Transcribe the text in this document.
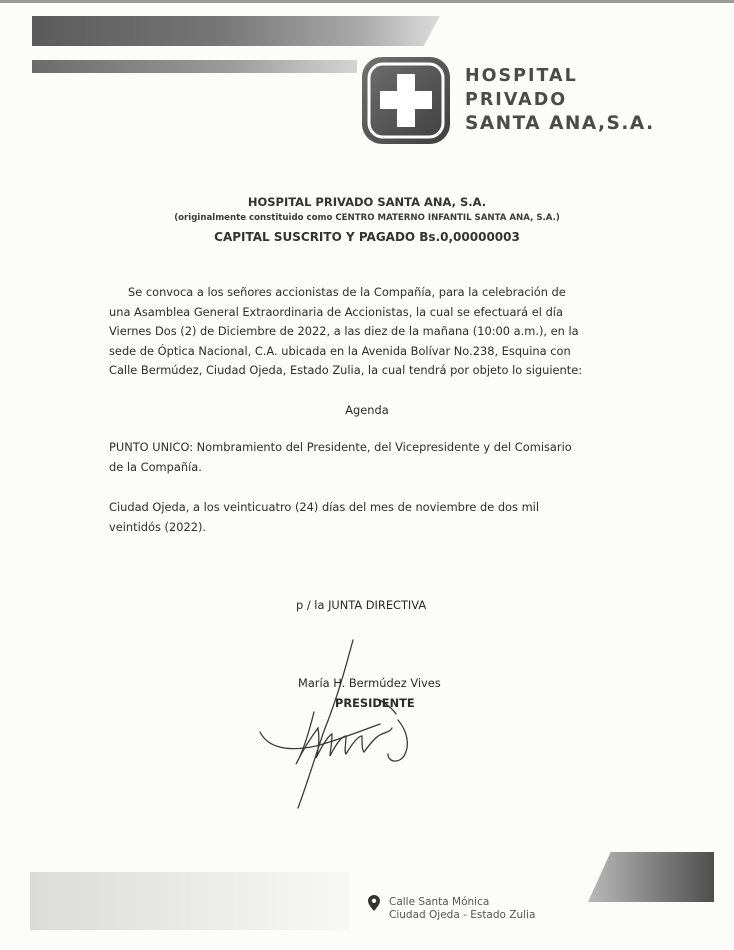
HOSPITAL
PRIVADO
SANTA ANA,S.A.
HOSPITAL PRIVADO SANTA ANA, S.A.
(originalmente constituido como CENTRO MATERNO INFANTIL SANTA ANA, S.A.)
CAPITAL SUSCRITO Y PAGADO Bs.0,00000003
Se convoca a los señores accionistas de la Compañía, para la celebración de
una Asamblea General Extraordinaria de Accionistas, la cual se efectuará el día
Viernes Dos (2) de Diciembre de 2022, a las diez de la mañana (10:00 a.m.), en la
sede de Óptica Nacional, C.A. ubicada en la Avenida Bolívar No.238, Esquina con
Calle Bermúdez, Ciudad Ojeda, Estado Zulia, la cual tendrá por objeto lo siguiente:
Agenda
PUNTO UNICO: Nombramiento del Presidente, del Vicepresidente y del Comisario
de la Compañía.
Ciudad Ojeda, a los veinticuatro (24) días del mes de noviembre de dos mil
veintidós (2022).
p / la JUNTA DIRECTIVA
María H. Bermúdez Vives
PRESIDENTE
Calle Santa Mónica
Ciudad Ojeda - Estado Zulia
